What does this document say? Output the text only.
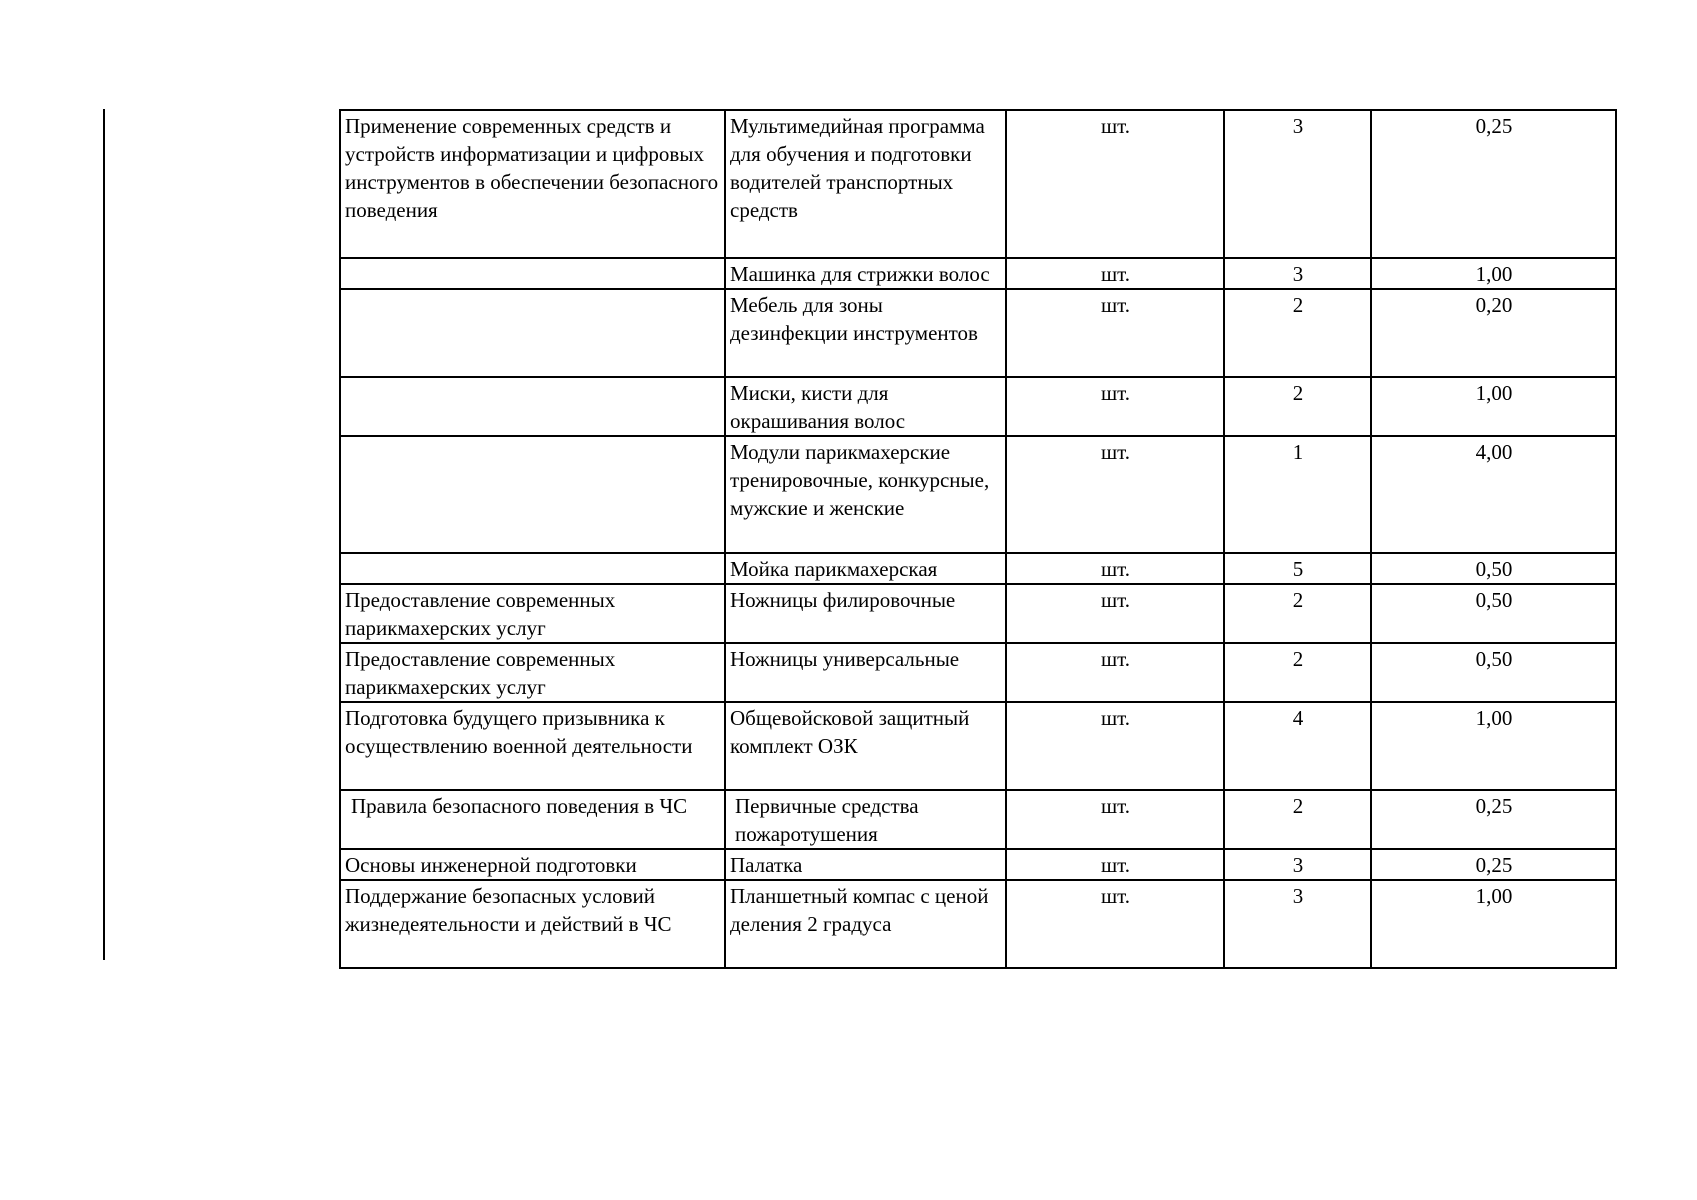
Применение современных средств и устройств информатизации и цифровых инструментов в обеспечении безопасного поведения	Мультимедийная программа для обучения и подготовки водителей транспортных средств	шт.	3	0,25
	Машинка для стрижки волос	шт.	3	1,00
	Мебель для зоны дезинфекции инструментов	шт.	2	0,20
	Миски, кисти для окрашивания волос	шт.	2	1,00
	Модули парикмахерские тренировочные, конкурсные, мужские и женские	шт.	1	4,00
	Мойка парикмахерская	шт.	5	0,50
Предоставление современных парикмахерских услуг	Ножницы филировочные	шт.	2	0,50
Предоставление современных парикмахерских услуг	Ножницы универсальные	шт.	2	0,50
Подготовка будущего призывника к осуществлению военной деятельности	Общевойсковой защитный комплект ОЗК	шт.	4	1,00
Правила безопасного поведения в ЧС	Первичные средства пожаротушения	шт.	2	0,25
Основы инженерной подготовки	Палатка	шт.	3	0,25
Поддержание безопасных условий жизнедеятельности и действий в ЧС	Планшетный компас с ценой деления 2 градуса	шт.	3	1,00
